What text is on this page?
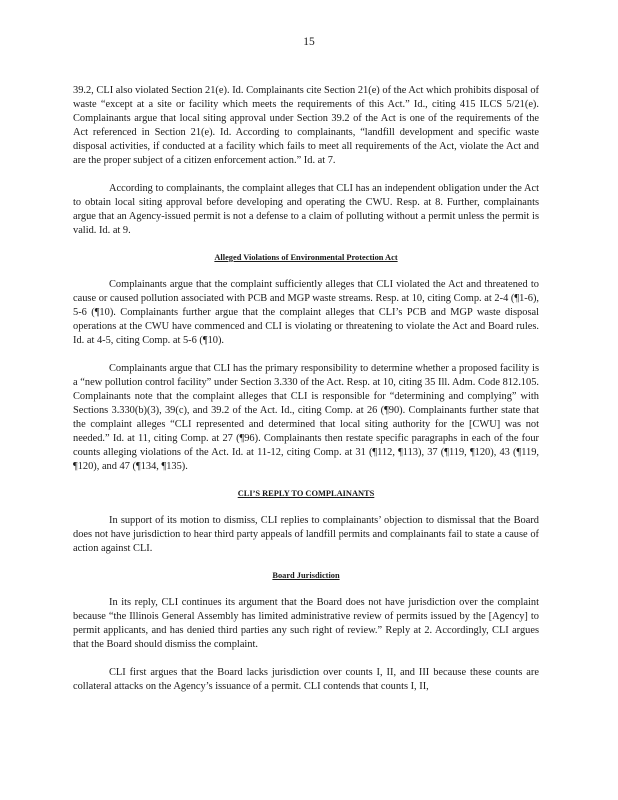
15

39.2, CLI also violated Section 21(e). Id. Complainants cite Section 21(e) of the Act which prohibits disposal of waste “except at a site or facility which meets the requirements of this Act.” Id., citing 415 ILCS 5/21(e). Complainants argue that local siting approval under Section 39.2 of the Act is one of the requirements of the Act referenced in Section 21(e). Id. According to complainants, “landfill development and specific waste disposal activities, if conducted at a facility which fails to meet all requirements of the Act, violate the Act and are the proper subject of a citizen enforcement action.” Id. at 7.

According to complainants, the complaint alleges that CLI has an independent obligation under the Act to obtain local siting approval before developing and operating the CWU. Resp. at 8. Further, complainants argue that an Agency-issued permit is not a defense to a claim of polluting without a permit unless the permit is valid. Id. at 9.

Alleged Violations of Environmental Protection Act

Complainants argue that the complaint sufficiently alleges that CLI violated the Act and threatened to cause or caused pollution associated with PCB and MGP waste streams. Resp. at 10, citing Comp. at 2-4 (¶1-6), 5-6 (¶10). Complainants further argue that the complaint alleges that CLI’s PCB and MGP waste disposal operations at the CWU have commenced and CLI is violating or threatening to violate the Act and Board rules. Id. at 4-5, citing Comp. at 5-6 (¶10).

Complainants argue that CLI has the primary responsibility to determine whether a proposed facility is a “new pollution control facility” under Section 3.330 of the Act. Resp. at 10, citing 35 Ill. Adm. Code 812.105. Complainants note that the complaint alleges that CLI is responsible for “determining and complying” with Sections 3.330(b)(3), 39(c), and 39.2 of the Act. Id., citing Comp. at 26 (¶90). Complainants further state that the complaint alleges “CLI represented and determined that local siting authority for the [CWU] was not needed.” Id. at 11, citing Comp. at 27 (¶96). Complainants then restate specific paragraphs in each of the four counts alleging violations of the Act. Id. at 11-12, citing Comp. at 31 (¶112, ¶113), 37 (¶119, ¶120), 43 (¶119, ¶120), and 47 (¶134, ¶135).

CLI’S REPLY TO COMPLAINANTS

In support of its motion to dismiss, CLI replies to complainants’ objection to dismissal that the Board does not have jurisdiction to hear third party appeals of landfill permits and complainants fail to state a cause of action against CLI.

Board Jurisdiction

In its reply, CLI continues its argument that the Board does not have jurisdiction over the complaint because “the Illinois General Assembly has limited administrative review of permits issued by the [Agency] to permit applicants, and has denied third parties any such right of review.” Reply at 2. Accordingly, CLI argues that the Board should dismiss the complaint.

CLI first argues that the Board lacks jurisdiction over counts I, II, and III because these counts are collateral attacks on the Agency’s issuance of a permit. CLI contends that counts I, II,
